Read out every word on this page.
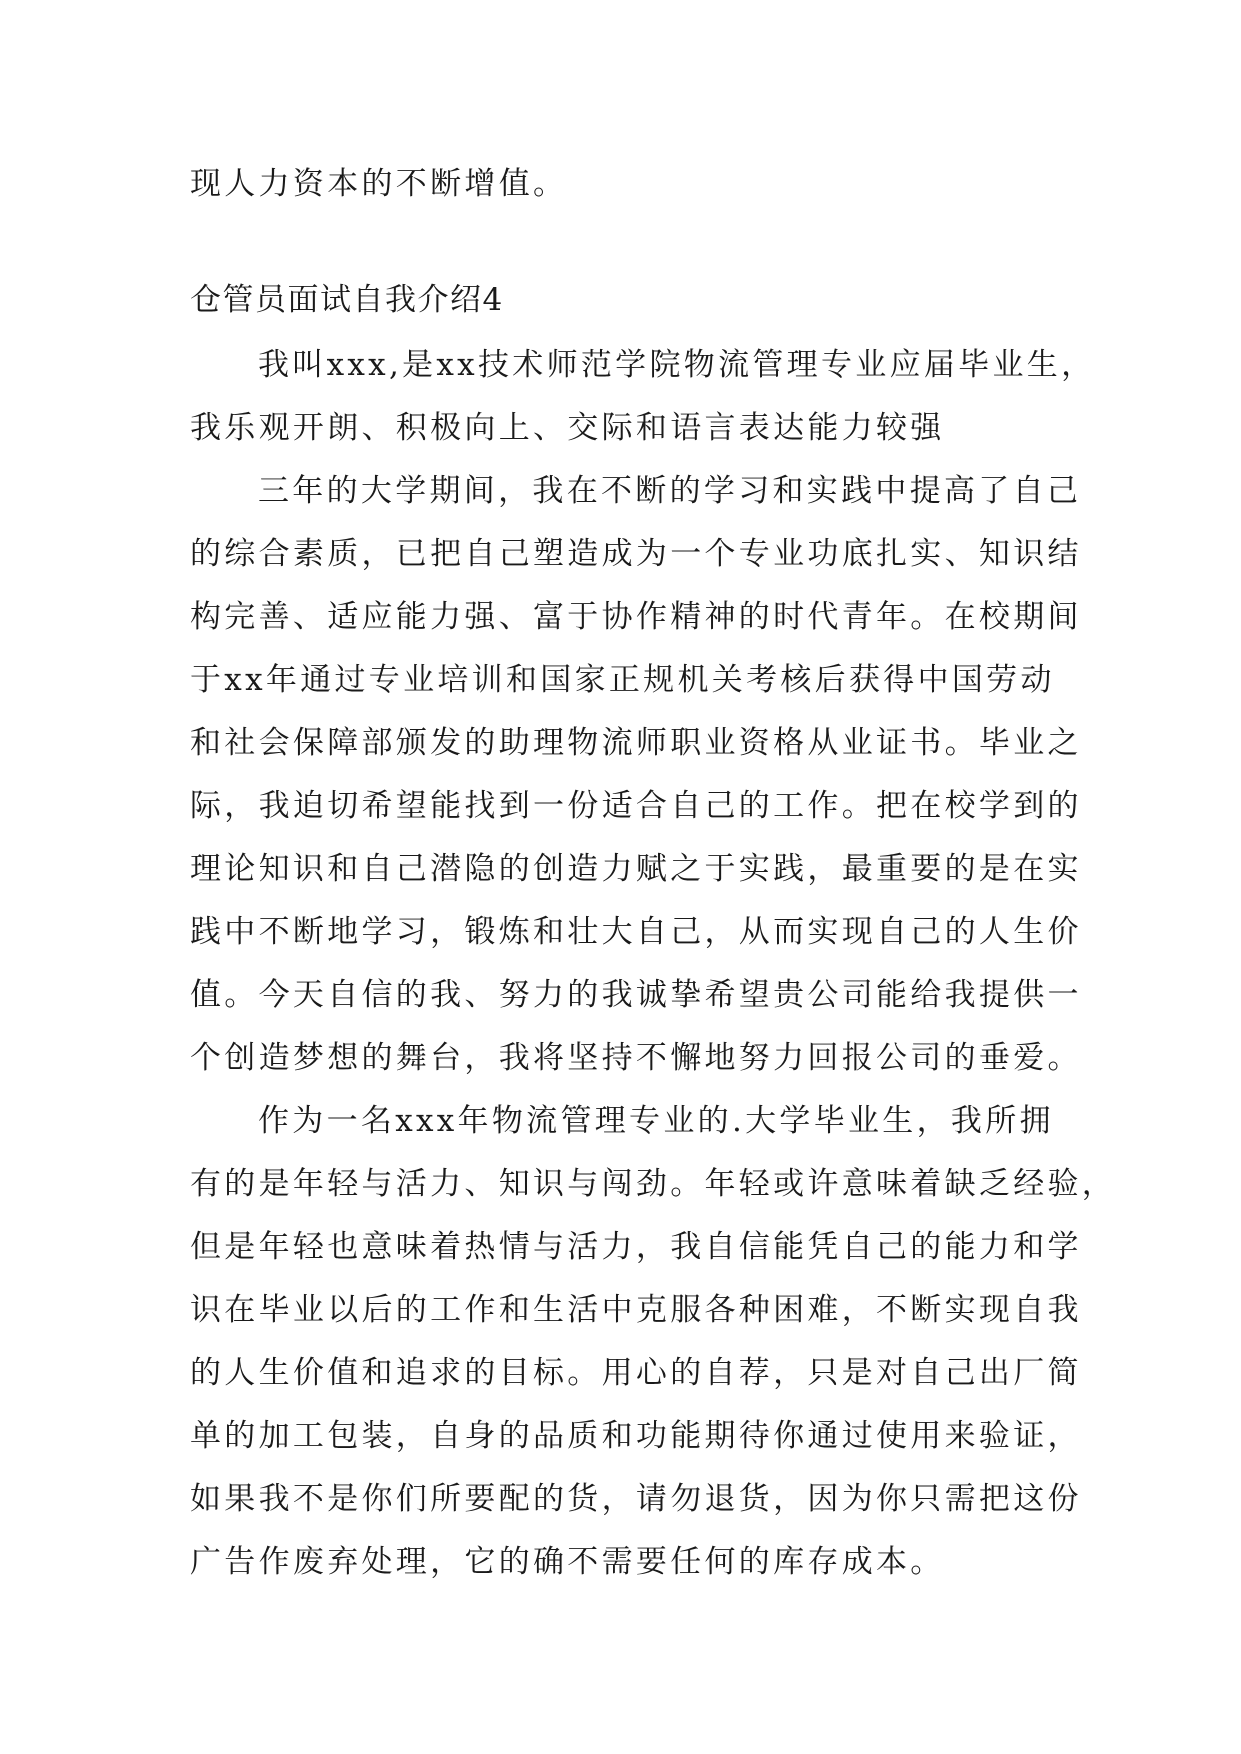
现人力资本的不断增值。
仓管员面试自我介绍4
我叫xxx,是xx技术师范学院物流管理专业应届毕业生，
我乐观开朗、积极向上、交际和语言表达能力较强
三年的大学期间，我在不断的学习和实践中提高了自己
的综合素质，已把自己塑造成为一个专业功底扎实、知识结
构完善、适应能力强、富于协作精神的时代青年。在校期间
于xx年通过专业培训和国家正规机关考核后获得中国劳动
和社会保障部颁发的助理物流师职业资格从业证书。毕业之
际，我迫切希望能找到一份适合自己的工作。把在校学到的
理论知识和自己潜隐的创造力赋之于实践，最重要的是在实
践中不断地学习，锻炼和壮大自己，从而实现自己的人生价
值。今天自信的我、努力的我诚挚希望贵公司能给我提供一
个创造梦想的舞台，我将坚持不懈地努力回报公司的垂爱。
作为一名xxx年物流管理专业的.大学毕业生，我所拥
有的是年轻与活力、知识与闯劲。年轻或许意味着缺乏经验，
但是年轻也意味着热情与活力，我自信能凭自己的能力和学
识在毕业以后的工作和生活中克服各种困难，不断实现自我
的人生价值和追求的目标。用心的自荐，只是对自己出厂简
单的加工包装，自身的品质和功能期待你通过使用来验证，
如果我不是你们所要配的货，请勿退货，因为你只需把这份
广告作废弃处理，它的确不需要任何的库存成本。
